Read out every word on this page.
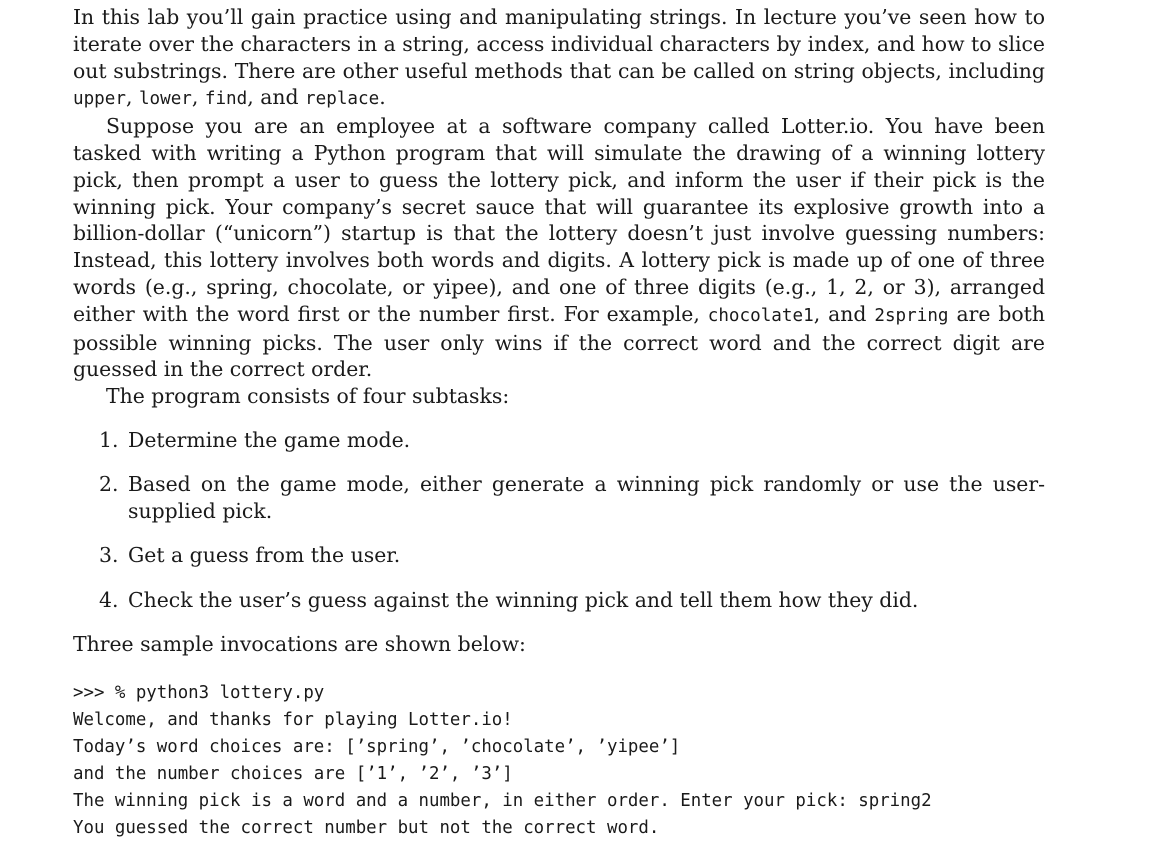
In this lab you’ll gain practice using and manipulating strings. In lecture you’ve seen how to iterate over the characters in a string, access individual characters by index, and how to slice out substrings. There are other useful methods that can be called on string objects, including upper, lower, find, and replace.

Suppose you are an employee at a software company called Lotter.io. You have been tasked with writing a Python program that will simulate the drawing of a winning lottery pick, then prompt a user to guess the lottery pick, and inform the user if their pick is the winning pick. Your company’s secret sauce that will guarantee its explosive growth into a billion-dollar (“unicorn”) startup is that the lottery doesn’t just involve guessing numbers: Instead, this lottery involves both words and digits. A lottery pick is made up of one of three words (e.g., spring, chocolate, or yipee), and one of three digits (e.g., 1, 2, or 3), arranged either with the word first or the number first. For example, chocolate1, and 2spring are both possible winning picks. The user only wins if the correct word and the correct digit are guessed in the correct order.

The program consists of four subtasks:

1. Determine the game mode.
2. Based on the game mode, either generate a winning pick randomly or use the user-supplied pick.
3. Get a guess from the user.
4. Check the user’s guess against the winning pick and tell them how they did.

Three sample invocations are shown below:

>>> % python3 lottery.py
Welcome, and thanks for playing Lotter.io!
Today’s word choices are: [’spring’, ’chocolate’, ’yipee’]
and the number choices are [’1’, ’2’, ’3’]
The winning pick is a word and a number, in either order. Enter your pick: spring2
You guessed the correct number but not the correct word.
